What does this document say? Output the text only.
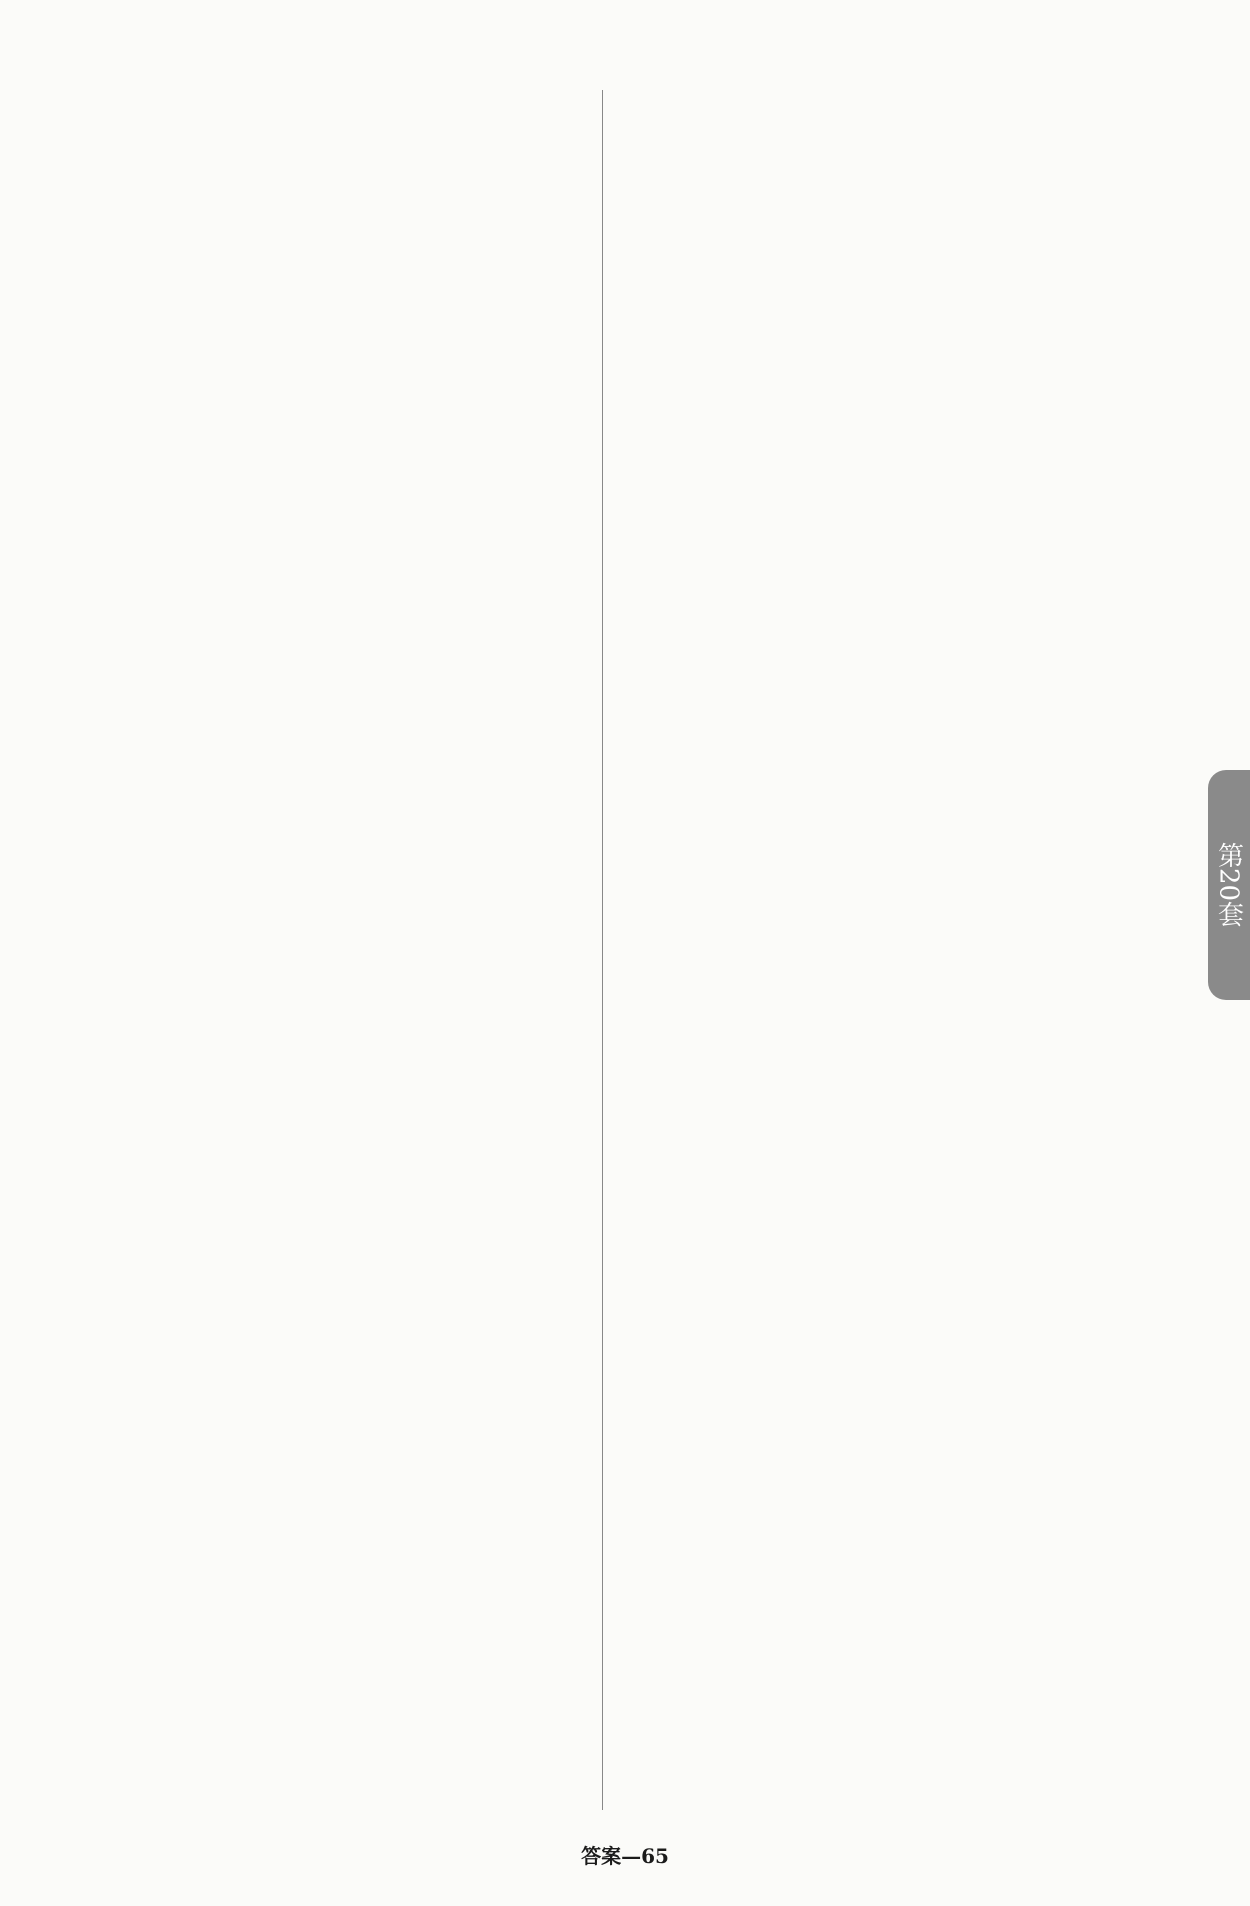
第20套
答案—65
